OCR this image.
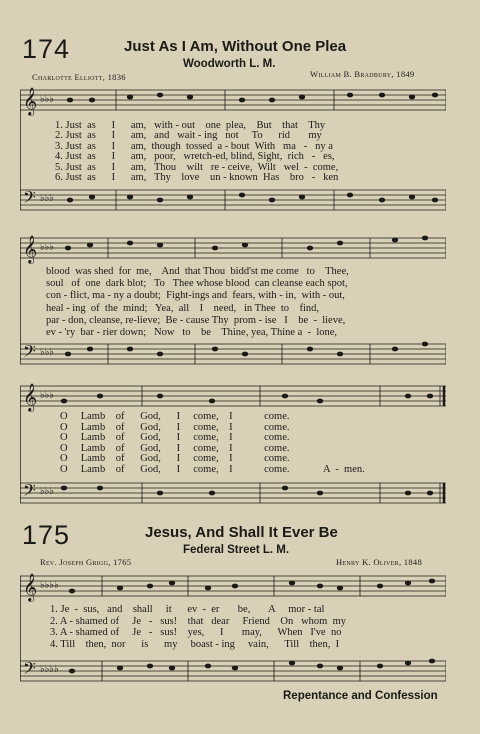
174	Just As I Am, Without One Plea
Woodworth L. M.
Charlotte Elliott, 1836	William B. Bradbury, 1849
𝄞
𝄢
♭♭♭
♭♭♭
1. Just  as      I      am,   with - out    one  plea,    But    that    Thy
2. Just  as      I      am,   and   wait - ing   not     To      rid       my
3. Just  as      I      am,  though  tossed  a - bout  With   ma   -   ny a
4. Just  as      I      am,   poor,   wretch-ed, blind, Sight,  rich   -   es,
5. Just  as      I      am,   Thou    wilt   re - ceive,  Wilt   wel  -  come,
6. Just  as      I      am,   Thy    love    un - known  Has    bro   -   ken
𝄞
𝄢
♭♭♭
♭♭♭
blood  was shed  for  me,    And  that Thou  bidd'st me come   to    Thee,
soul   of  one  dark blot;   To   Thee whose blood  can cleanse each spot,
con - flict, ma - ny a doubt;  Fight-ings and  fears, with - in,  with - out,
heal - ing  of  the  mind;   Yea,  all    I    need,   in Thee  to    find,
par - don, cleanse, re-lieve;  Be - cause Thy  prom - ise   I    be  -  lieve,
ev - 'ry  bar - rier down;   Now   to    be    Thine, yea, Thine a  -  lone,
𝄞
𝄢
♭♭♭
♭♭♭
O     Lamb    of      God,      I     come,    I            come.
O     Lamb    of      God,      I     come,    I            come.
O     Lamb    of      God,      I     come,    I            come.
O     Lamb    of      God,      I     come,    I            come.
O     Lamb    of      God,      I     come,    I            come.
O     Lamb    of      God,      I     come,    I            come.             A  -  men.
175	Jesus, And Shall It Ever Be
Federal Street L. M.
Rev. Joseph Grigg, 1765	Henry K. Oliver, 1848
𝄞
𝄢
♭♭♭♭
♭♭♭♭
1. Je  -  sus,   and    shall     it      ev  -  er       be,       A     mor - tal
2. A - shamed of     Je   -   sus!    that   dear     Friend    On   whom  my
3. A - shamed of     Je   -   sus!    yes,      I       may,      When   I've  no
4. Till    then,  nor      is      my     boast - ing     vain,      Till    then,  I
Repentance and Confession
